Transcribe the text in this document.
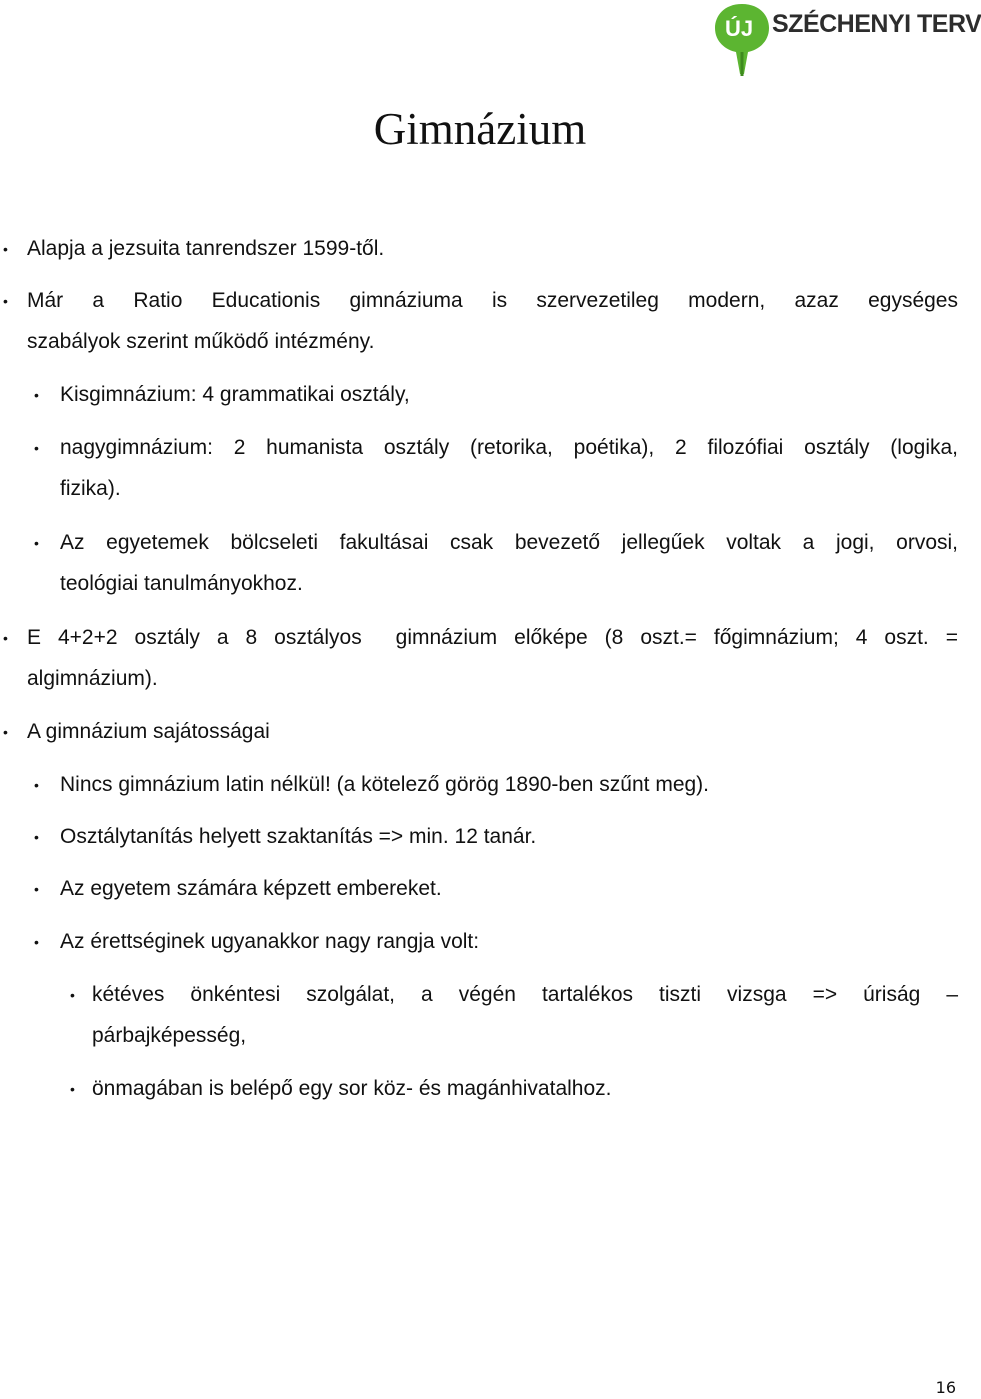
ÚJ SZÉCHENYI TERV
Gimnázium
• Alapja a jezsuita tanrendszer 1599-től.
• Már a Ratio Educationis gimnáziuma is szervezetileg modern, azaz egységes
szabályok szerint működő intézmény.
•	Kisgimnázium: 4 grammatikai osztály,
•	nagygimnázium: 2 humanista osztály (retorika, poétika), 2 filozófiai osztály (logika,
fizika).
•	Az egyetemek bölcseleti fakultásai csak bevezető jellegűek voltak a jogi, orvosi,
teológiai tanulmányokhoz.
• E 4+2+2 osztály a 8 osztályos  gimnázium előképe (8 oszt.= főgimnázium; 4 oszt. =
algimnázium).
• A gimnázium sajátosságai
•	Nincs gimnázium latin nélkül! (a kötelező görög 1890-ben szűnt meg).
•	Osztálytanítás helyett szaktanítás => min. 12 tanár.
•	Az egyetem számára képzett embereket.
•	Az érettséginek ugyanakkor nagy rangja volt:
• kétéves önkéntesi szolgálat, a végén tartalékos tiszti vizsga => úriság –
párbajképesség,
• önmagában is belépő egy sor köz- és magánhivatalhoz.
16
